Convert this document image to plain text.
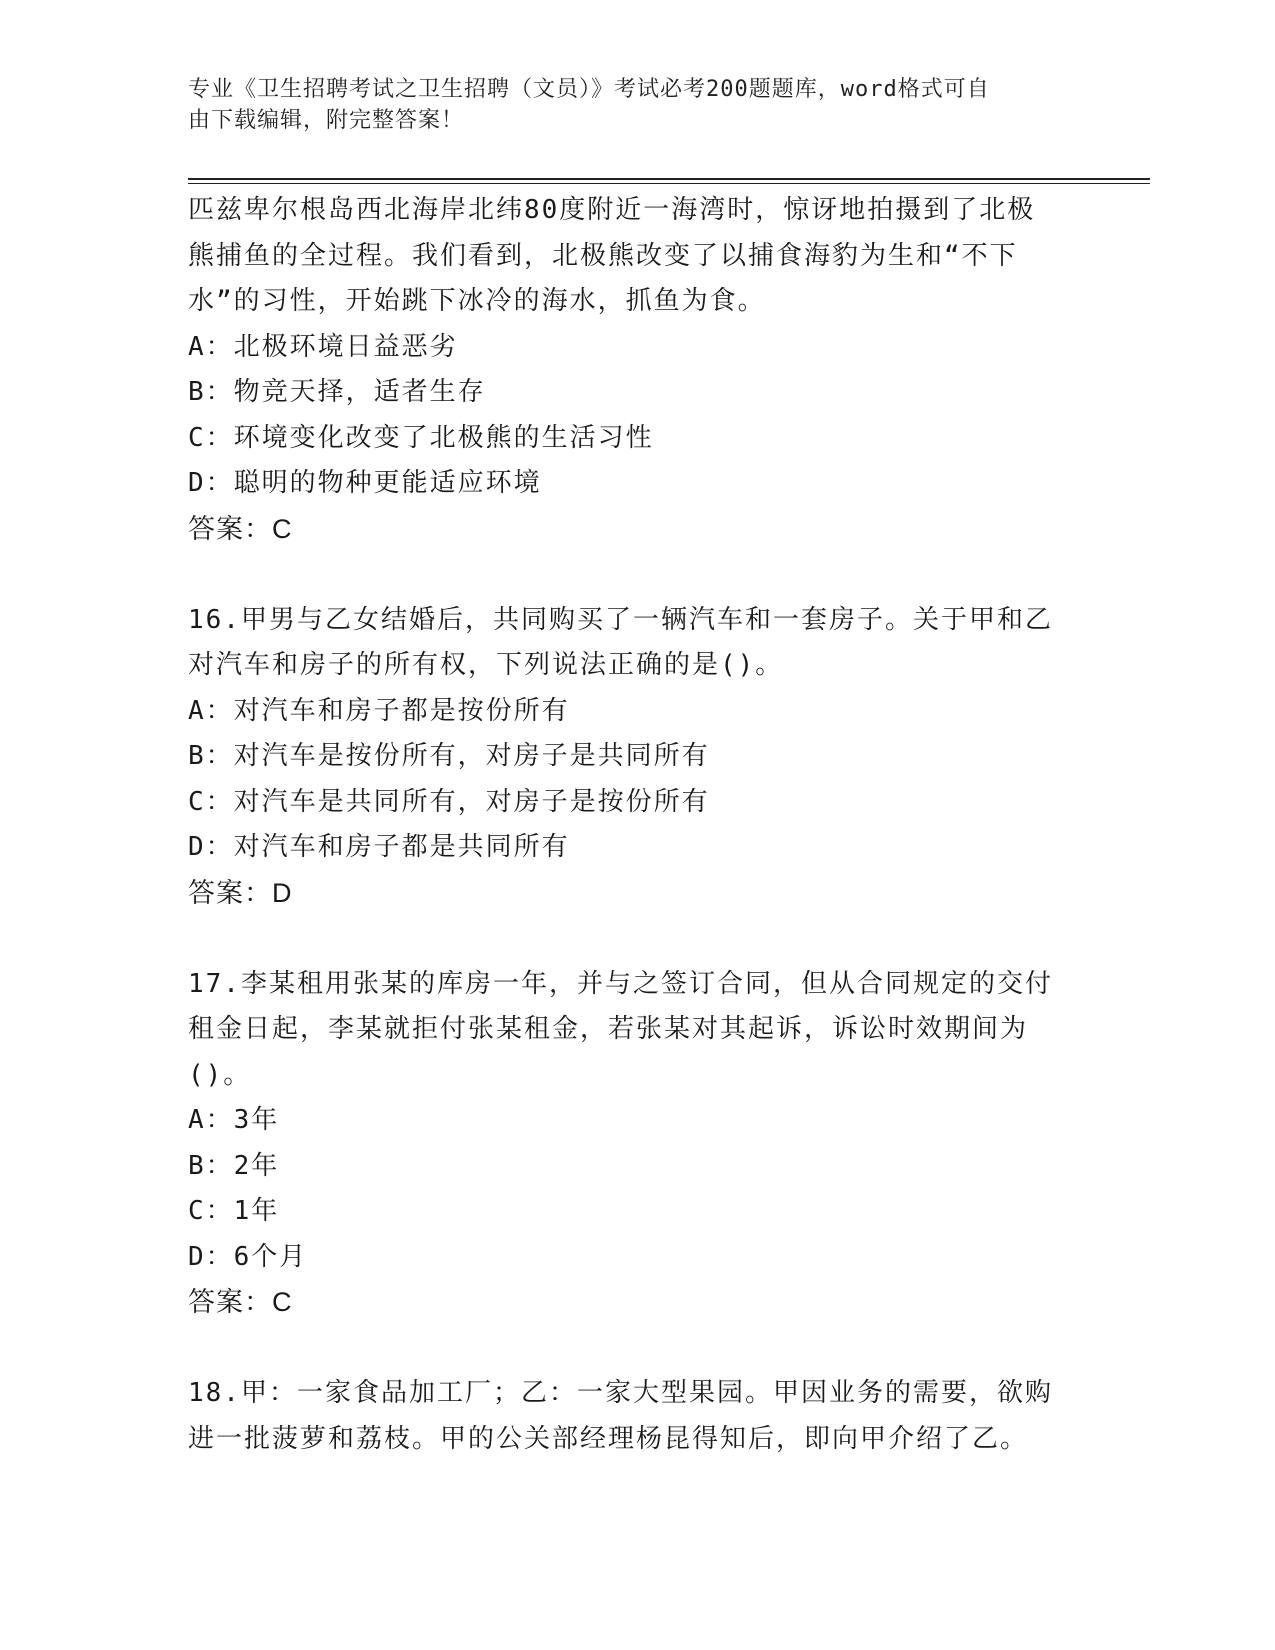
专业《卫生招聘考试之卫生招聘（文员）》考试必考200题题库，word格式可自
由下载编辑，附完整答案！

匹兹卑尔根岛西北海岸北纬80度附近一海湾时，惊讶地拍摄到了北极

熊捕鱼的全过程。我们看到，北极熊改变了以捕食海豹为生和“不下

水”的习性，开始跳下冰冷的海水，抓鱼为食。

A：北极环境日益恶劣

B：物竞天择，适者生存

C：环境变化改变了北极熊的生活习性

D：聪明的物种更能适应环境

答案：C

16.甲男与乙女结婚后，共同购买了一辆汽车和一套房子。关于甲和乙

对汽车和房子的所有权，下列说法正确的是()。

A：对汽车和房子都是按份所有

B：对汽车是按份所有，对房子是共同所有

C：对汽车是共同所有，对房子是按份所有

D：对汽车和房子都是共同所有

答案：D

17.李某租用张某的库房一年，并与之签订合同，但从合同规定的交付

租金日起，李某就拒付张某租金，若张某对其起诉，诉讼时效期间为

()。

A：3年

B：2年

C：1年

D：6个月

答案：C

18.甲：一家食品加工厂；乙：一家大型果园。甲因业务的需要，欲购

进一批菠萝和荔枝。甲的公关部经理杨昆得知后，即向甲介绍了乙。
